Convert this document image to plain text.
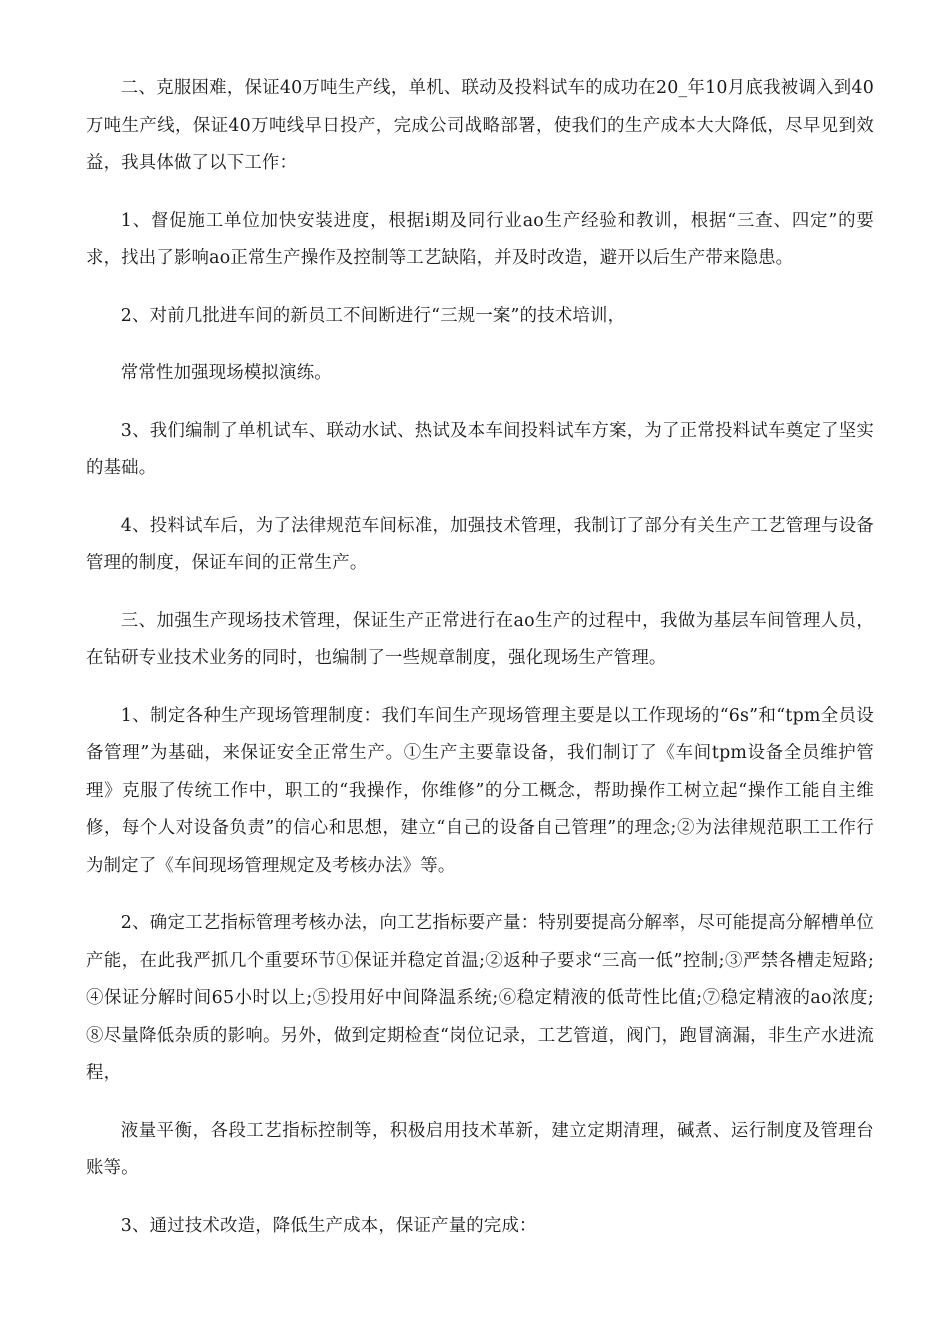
二、克服困难，保证40万吨生产线，单机、联动及投料试车的成功在20_年10月底我被调入到40万吨生产线，保证40万吨线早日投产，完成公司战略部署，使我们的生产成本大大降低，尽早见到效益，我具体做了以下工作：

1、督促施工单位加快安装进度，根据i期及同行业ao生产经验和教训，根据“三查、四定”的要求，找出了影响ao正常生产操作及控制等工艺缺陷，并及时改造，避开以后生产带来隐患。

2、对前几批进车间的新员工不间断进行“三规一案”的技术培训，

常常性加强现场模拟演练。

3、我们编制了单机试车、联动水试、热试及本车间投料试车方案，为了正常投料试车奠定了坚实的基础。

4、投料试车后，为了法律规范车间标准，加强技术管理，我制订了部分有关生产工艺管理与设备管理的制度，保证车间的正常生产。

三、加强生产现场技术管理，保证生产正常进行在ao生产的过程中，我做为基层车间管理人员，在钻研专业技术业务的同时，也编制了一些规章制度，强化现场生产管理。

1、制定各种生产现场管理制度：我们车间生产现场管理主要是以工作现场的“6s”和“tpm全员设备管理”为基础，来保证安全正常生产。①生产主要靠设备，我们制订了《车间tpm设备全员维护管理》克服了传统工作中，职工的“我操作，你维修”的分工概念，帮助操作工树立起“操作工能自主维修，每个人对设备负责”的信心和思想，建立“自己的设备自己管理”的理念;②为法律规范职工工作行为制定了《车间现场管理规定及考核办法》等。

2、确定工艺指标管理考核办法，向工艺指标要产量：特别要提高分解率，尽可能提高分解槽单位产能，在此我严抓几个重要环节①保证并稳定首温;②返种子要求“三高一低”控制;③严禁各槽走短路;④保证分解时间65小时以上;⑤投用好中间降温系统;⑥稳定精液的低苛性比值;⑦稳定精液的ao浓度;⑧尽量降低杂质的影响。另外，做到定期检查“岗位记录，工艺管道，阀门，跑冒滴漏，非生产水进流程，

液量平衡，各段工艺指标控制等，积极启用技术革新，建立定期清理，碱煮、运行制度及管理台账等。

3、通过技术改造，降低生产成本，保证产量的完成：
